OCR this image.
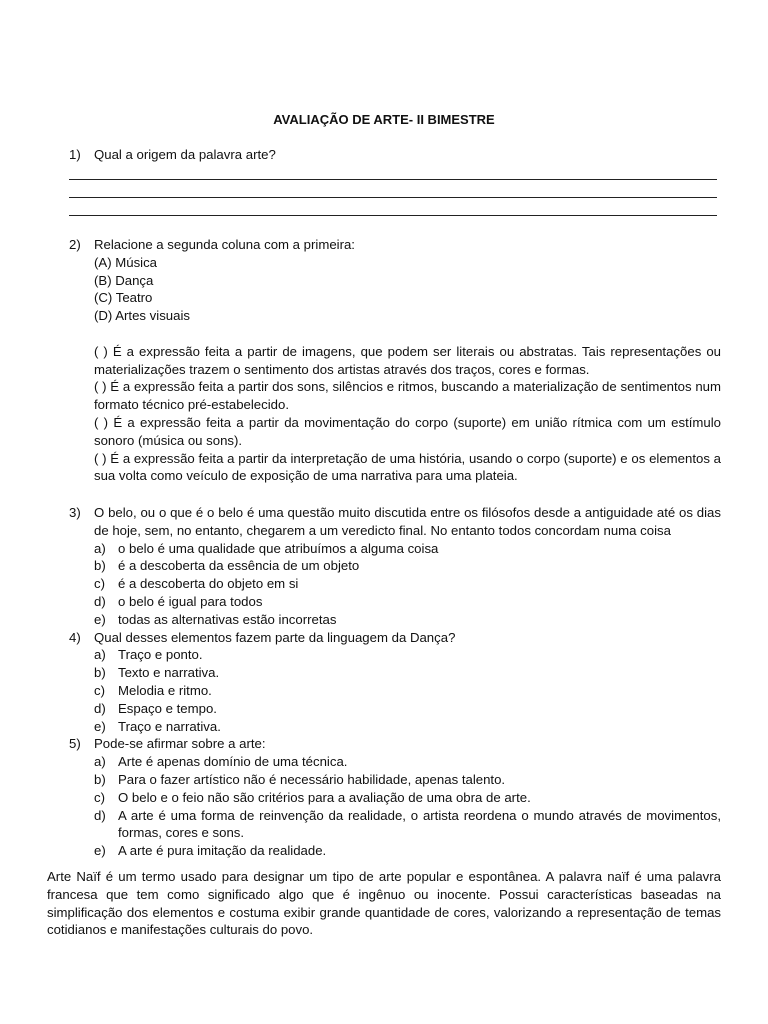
AVALIAÇÃO DE ARTE- II BIMESTRE
1) Qual a origem da palavra arte?
2) Relacione a segunda coluna com a primeira:
(A) Música
(B) Dança
(C) Teatro
(D) Artes visuais
( ) É a expressão feita a partir de imagens, que podem ser literais ou abstratas. Tais representações ou materializações trazem o sentimento dos artistas através dos traços, cores e formas.
( ) É a expressão feita a partir dos sons, silêncios e ritmos, buscando a materialização de sentimentos num formato técnico pré-estabelecido.
( ) É a expressão feita a partir da movimentação do corpo (suporte) em união rítmica com um estímulo sonoro (música ou sons).
( ) É a expressão feita a partir da interpretação de uma história, usando o corpo (suporte) e os elementos a sua volta como veículo de exposição de uma narrativa para uma plateia.
3) O belo, ou o que é o belo é uma questão muito discutida entre os filósofos desde a antiguidade até os dias de hoje, sem, no entanto, chegarem a um veredicto final. No entanto todos concordam numa coisa
a) o belo é uma qualidade que atribuímos a alguma coisa
b) é a descoberta da essência de um objeto
c) é a descoberta do objeto em si
d) o belo é igual para todos
e) todas as alternativas estão incorretas
4) Qual desses elementos fazem parte da linguagem da Dança?
a) Traço e ponto.
b) Texto e narrativa.
c) Melodia e ritmo.
d) Espaço e tempo.
e) Traço e narrativa.
5) Pode-se afirmar sobre a arte:
a) Arte é apenas domínio de uma técnica.
b) Para o fazer artístico não é necessário habilidade, apenas talento.
c) O belo e o feio não são critérios para a avaliação de uma obra de arte.
d) A arte é uma forma de reinvenção da realidade, o artista reordena o mundo através de movimentos, formas, cores e sons.
e) A arte é pura imitação da realidade.
Arte Naïf é um termo usado para designar um tipo de arte popular e espontânea. A palavra naïf é uma palavra francesa que tem como significado algo que é ingênuo ou inocente. Possui características baseadas na simplificação dos elementos e costuma exibir grande quantidade de cores, valorizando a representação de temas cotidianos e manifestações culturais do povo.
